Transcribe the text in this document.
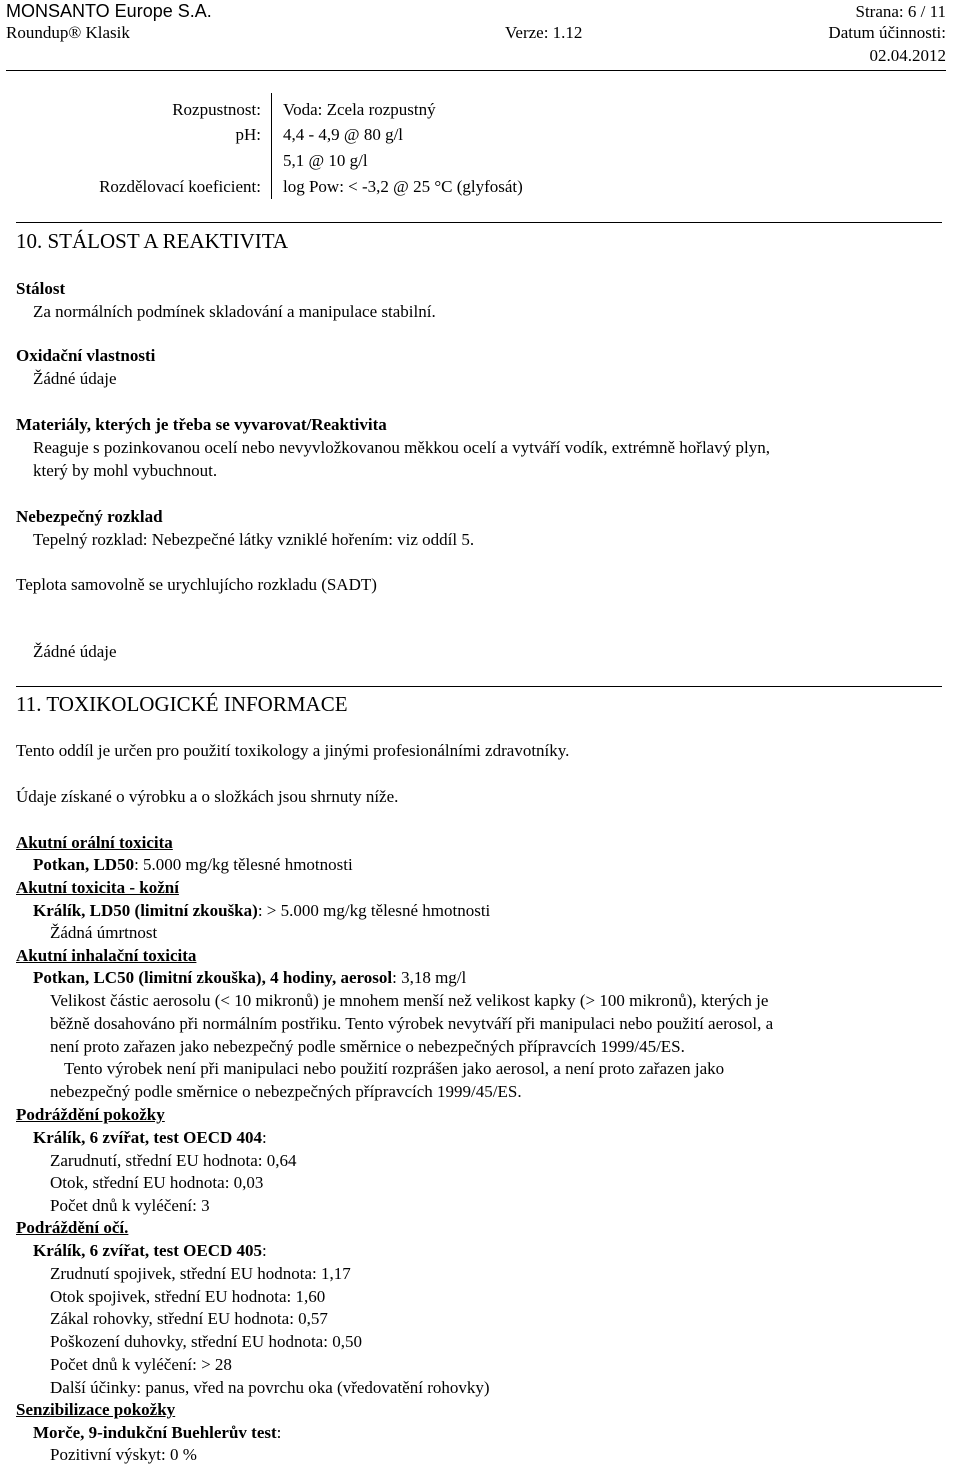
MONSANTO Europe S.A.	Strana: 6 / 11
Roundup® Klasik	Verze: 1.12	Datum účinnosti:
02.04.2012
Rozpustnost: Voda: Zcela rozpustný
pH: 4,4 - 4,9 @ 80 g/l
5,1 @ 10 g/l
Rozdělovací koeficient: log Pow: < -3,2 @ 25 °C (glyfosát)
10. STÁLOST A REAKTIVITA
Stálost
Za normálních podmínek skladování a manipulace stabilní.
Oxidační vlastnosti
Žádné údaje
Materiály, kterých je třeba se vyvarovat/Reaktivita
Reaguje s pozinkovanou ocelí nebo nevyvložkovanou měkkou ocelí a vytváří vodík, extrémně hořlavý plyn,
který by mohl vybuchnout.
Nebezpečný rozklad
Tepelný rozklad: Nebezpečné látky vzniklé hořením: viz oddíl 5.
Teplota samovolně se urychlujícho rozkladu (SADT)
Žádné údaje
11. TOXIKOLOGICKÉ INFORMACE
Tento oddíl je určen pro použití toxikology a jinými profesionálními zdravotníky.
Údaje získané o výrobku a o složkách jsou shrnuty níže.
Akutní orální toxicita
Potkan, LD50: 5.000 mg/kg tělesné hmotnosti
Akutní toxicita - kožní
Králík, LD50 (limitní zkouška): > 5.000 mg/kg tělesné hmotnosti
Žádná úmrtnost
Akutní inhalační toxicita
Potkan, LC50 (limitní zkouška), 4 hodiny, aerosol: 3,18 mg/l
Velikost částic aerosolu (< 10 mikronů) je mnohem menší než velikost kapky (> 100 mikronů), kterých je
běžně dosahováno při normálním postřiku. Tento výrobek nevytváří při manipulaci nebo použití aerosol, a
není proto zařazen jako nebezpečný podle směrnice o nebezpečných přípravcích 1999/45/ES.
Tento výrobek není při manipulaci nebo použití rozprášen jako aerosol, a není proto zařazen jako
nebezpečný podle směrnice o nebezpečných přípravcích 1999/45/ES.
Podráždění pokožky
Králík, 6 zvířat, test OECD 404:
Zarudnutí, střední EU hodnota: 0,64
Otok, střední EU hodnota: 0,03
Počet dnů k vyléčení: 3
Podráždění očí.
Králík, 6 zvířat, test OECD 405:
Zrudnutí spojivek, střední EU hodnota: 1,17
Otok spojivek, střední EU hodnota: 1,60
Zákal rohovky, střední EU hodnota: 0,57
Poškození duhovky, střední EU hodnota: 0,50
Počet dnů k vyléčení: > 28
Další účinky: panus, vřed na povrchu oka (vředovatění rohovky)
Senzibilizace pokožky
Morče, 9-indukční Buehlerův test:
Pozitivní výskyt: 0 %
